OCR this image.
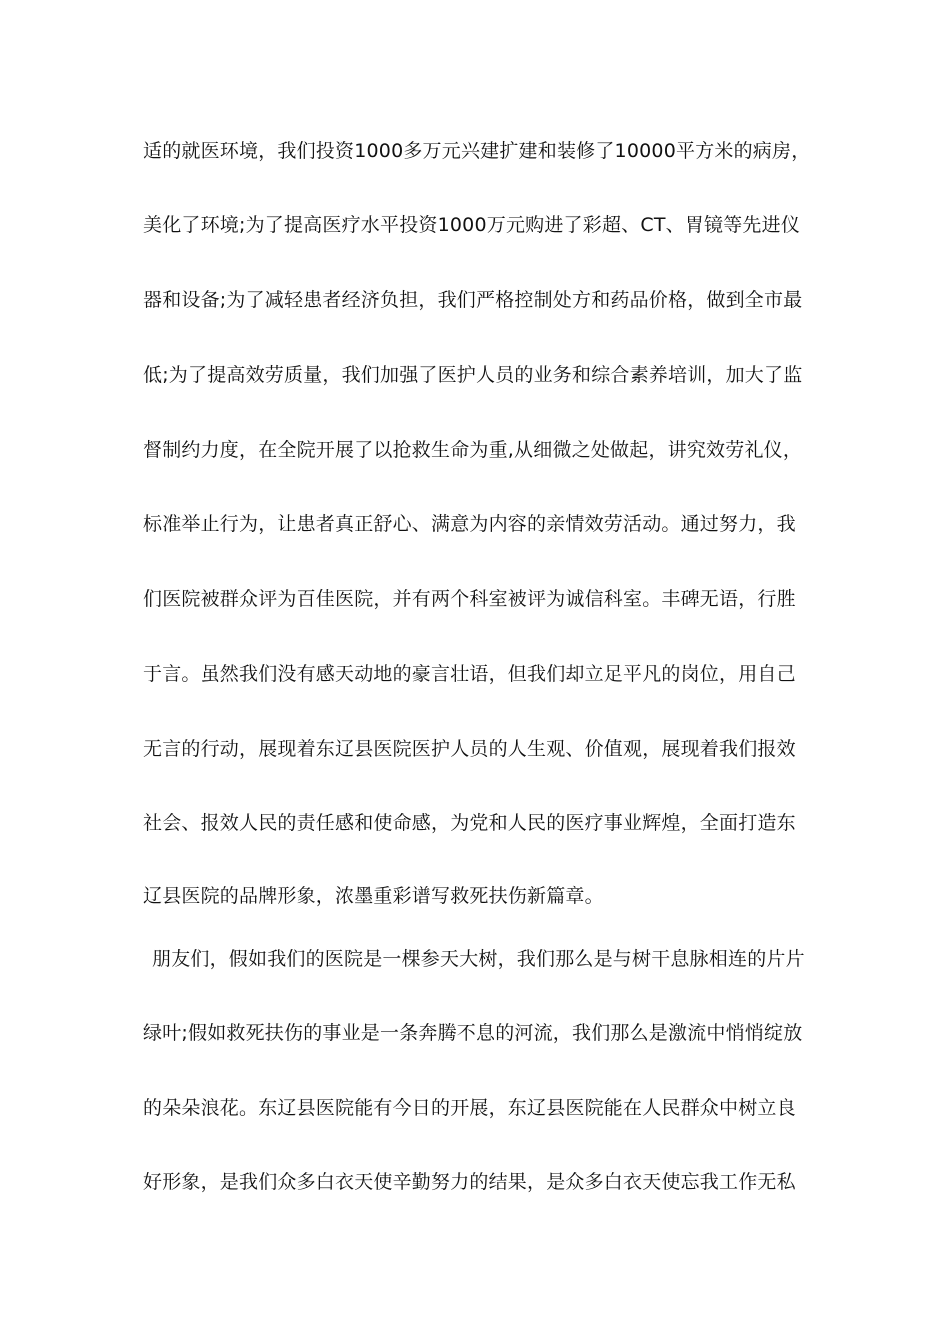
适的就医环境，我们投资1000多万元兴建扩建和装修了10000平方米的病房，
美化了环境;为了提高医疗水平投资1000万元购进了彩超、CT、胃镜等先进仪
器和设备;为了减轻患者经济负担，我们严格控制处方和药品价格，做到全市最
低;为了提高效劳质量，我们加强了医护人员的业务和综合素养培训，加大了监
督制约力度，在全院开展了以抢救生命为重,从细微之处做起，讲究效劳礼仪，
标准举止行为，让患者真正舒心、满意为内容的亲情效劳活动。通过努力，我
们医院被群众评为百佳医院，并有两个科室被评为诚信科室。丰碑无语，行胜
于言。虽然我们没有感天动地的豪言壮语，但我们却立足平凡的岗位，用自己
无言的行动，展现着东辽县医院医护人员的人生观、价值观，展现着我们报效
社会、报效人民的责任感和使命感，为党和人民的医疗事业辉煌，全面打造东
辽县医院的品牌形象，浓墨重彩谱写救死扶伤新篇章。
朋友们，假如我们的医院是一棵参天大树，我们那么是与树干息脉相连的片片
绿叶;假如救死扶伤的事业是一条奔腾不息的河流，我们那么是激流中悄悄绽放
的朵朵浪花。东辽县医院能有今日的开展，东辽县医院能在人民群众中树立良
好形象，是我们众多白衣天使辛勤努力的结果，是众多白衣天使忘我工作无私
